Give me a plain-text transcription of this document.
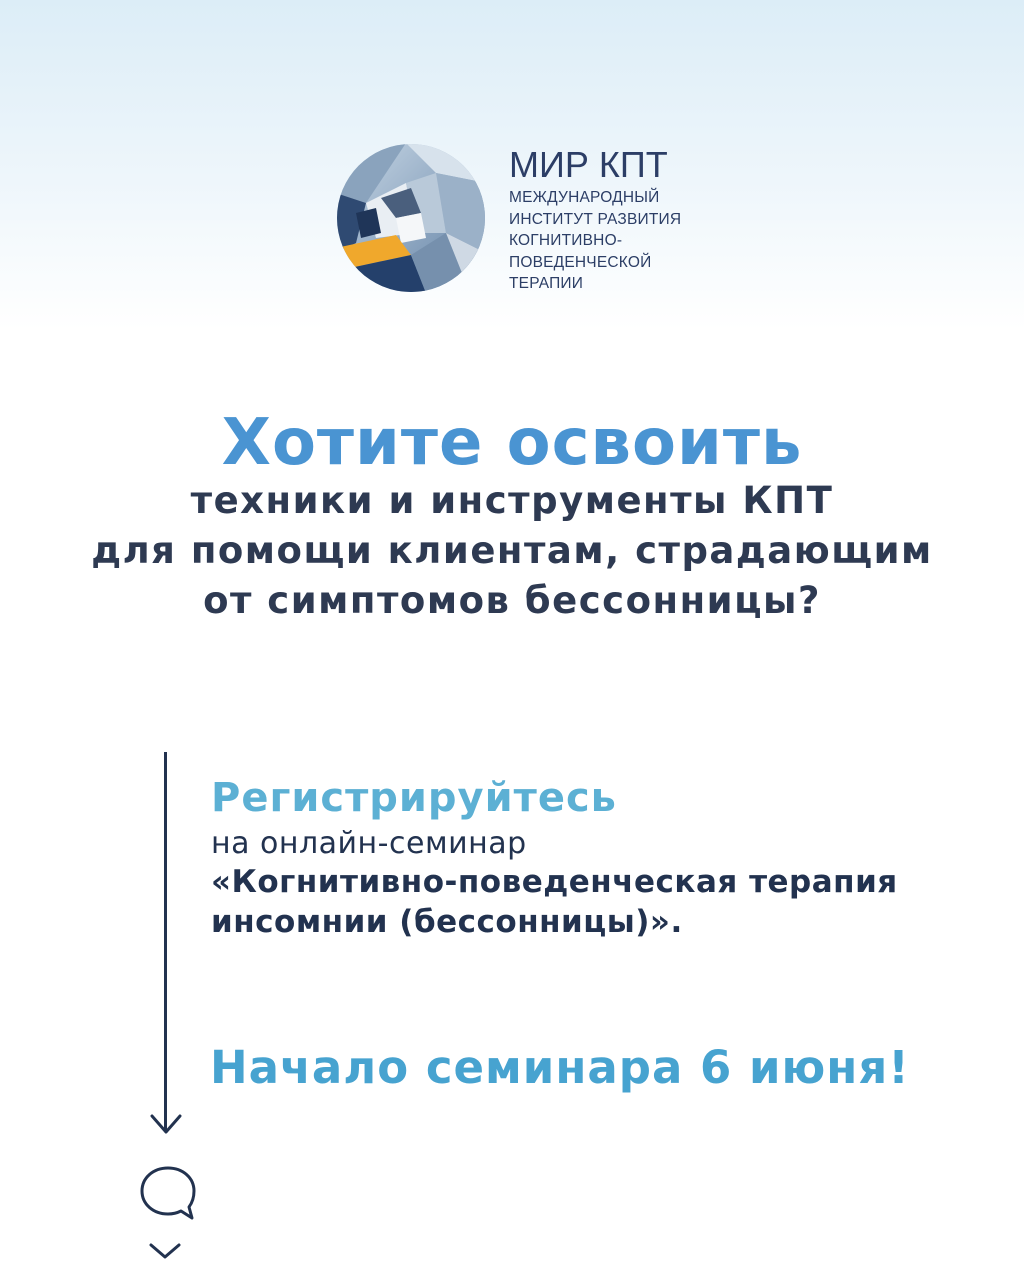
МИР КПТ
МЕЖДУНАРОДНЫЙ
ИНСТИТУТ РАЗВИТИЯ
КОГНИТИВНО-
ПОВЕДЕНЧЕСКОЙ
ТЕРАПИИ
Хотите освоить
техники и инструменты КПТ
для помощи клиентам, страдающим
от симптомов бессонницы?
Регистрируйтесь
на онлайн-семинар
«Когнитивно-поведенческая терапия
инсомнии (бессонницы)».
Начало семинара 6 июня!
